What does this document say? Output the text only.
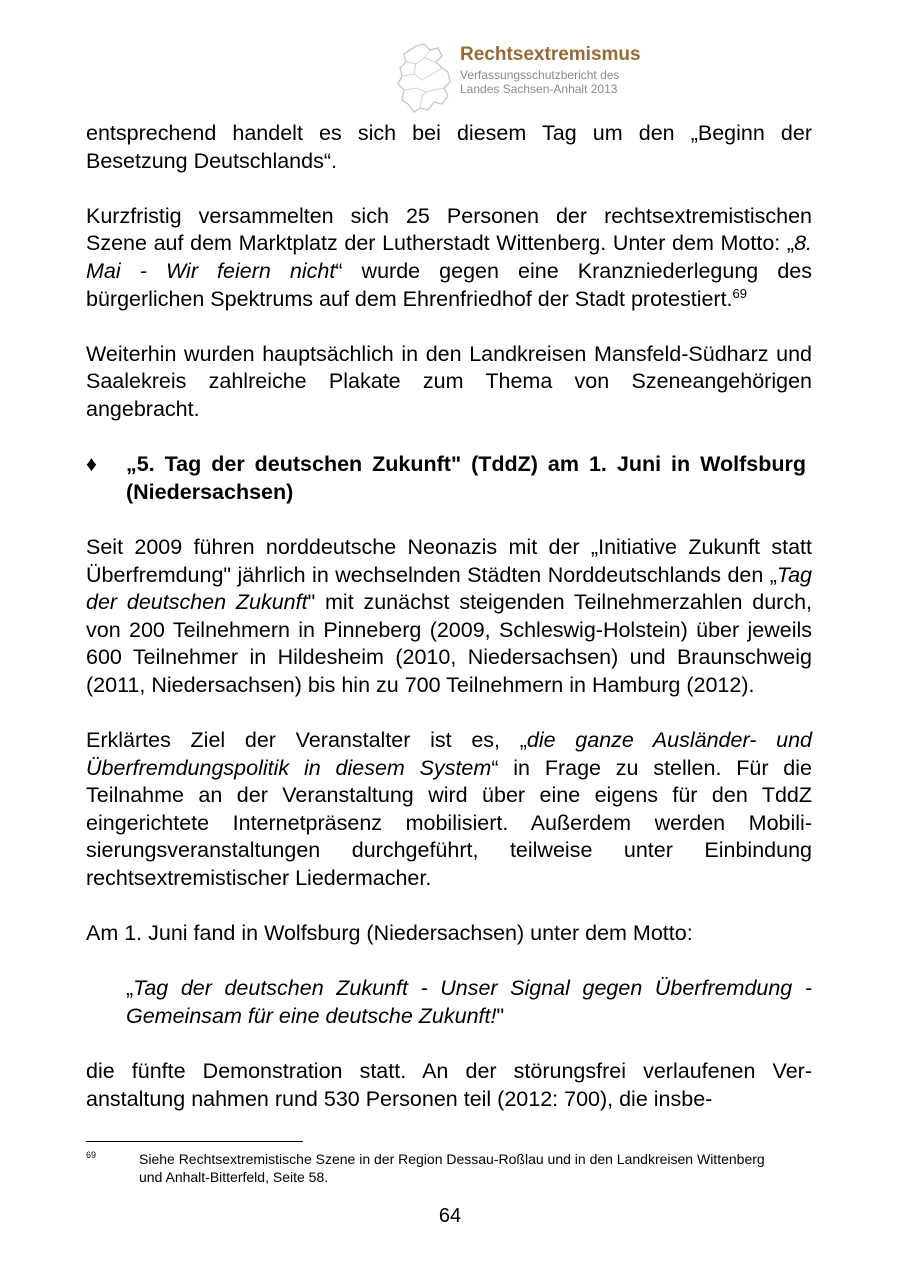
Rechtsextremismus
Verfassungsschutzbericht des
Landes Sachsen-Anhalt 2013

entsprechend handelt es sich bei diesem Tag um den „Beginn der Besetzung Deutschlands“.

Kurzfristig versammelten sich 25 Personen der rechtsextremistischen Szene auf dem Marktplatz der Lutherstadt Wittenberg. Unter dem Motto: „8. Mai - Wir feiern nicht“ wurde gegen eine Kranzniederlegung des bürgerlichen Spektrums auf dem Ehrenfriedhof der Stadt protestiert.$^{69}$

Weiterhin wurden hauptsächlich in den Landkreisen Mansfeld-Südharz und Saalekreis zahlreiche Plakate zum Thema von Szeneangehörigen angebracht.

♦ „5. Tag der deutschen Zukunft" (TddZ) am 1. Juni in Wolfsburg (Niedersachsen)

Seit 2009 führen norddeutsche Neonazis mit der „Initiative Zukunft statt Überfremdung" jährlich in wechselnden Städten Norddeutschlands den „Tag der deutschen Zukunft" mit zunächst steigenden Teilnehmerzahlen durch, von 200 Teilnehmern in Pinneberg (2009, Schleswig-Holstein) über jeweils 600 Teilnehmer in Hildesheim (2010, Niedersachsen) und Braunschweig (2011, Niedersachsen) bis hin zu 700 Teilnehmern in Hamburg (2012).

Erklärtes Ziel der Veranstalter ist es, „die ganze Ausländer- und Überfremdungspolitik in diesem System“ in Frage zu stellen. Für die Teilnahme an der Veranstaltung wird über eine eigens für den TddZ eingerichtete Internetpräsenz mobilisiert. Außerdem werden Mobilisierungsveranstaltungen durchgeführt, teilweise unter Einbindung rechtsextremistischer Liedermacher.

Am 1. Juni fand in Wolfsburg (Niedersachsen) unter dem Motto:

„Tag der deutschen Zukunft - Unser Signal gegen Überfremdung - Gemeinsam für eine deutsche Zukunft!"

die fünfte Demonstration statt. An der störungsfrei verlaufenen Veranstaltung nahmen rund 530 Personen teil (2012: 700), die insbe-

69	Siehe Rechtsextremistische Szene in der Region Dessau-Roßlau und in den Landkreisen Wittenberg und Anhalt-Bitterfeld, Seite 58.
64
